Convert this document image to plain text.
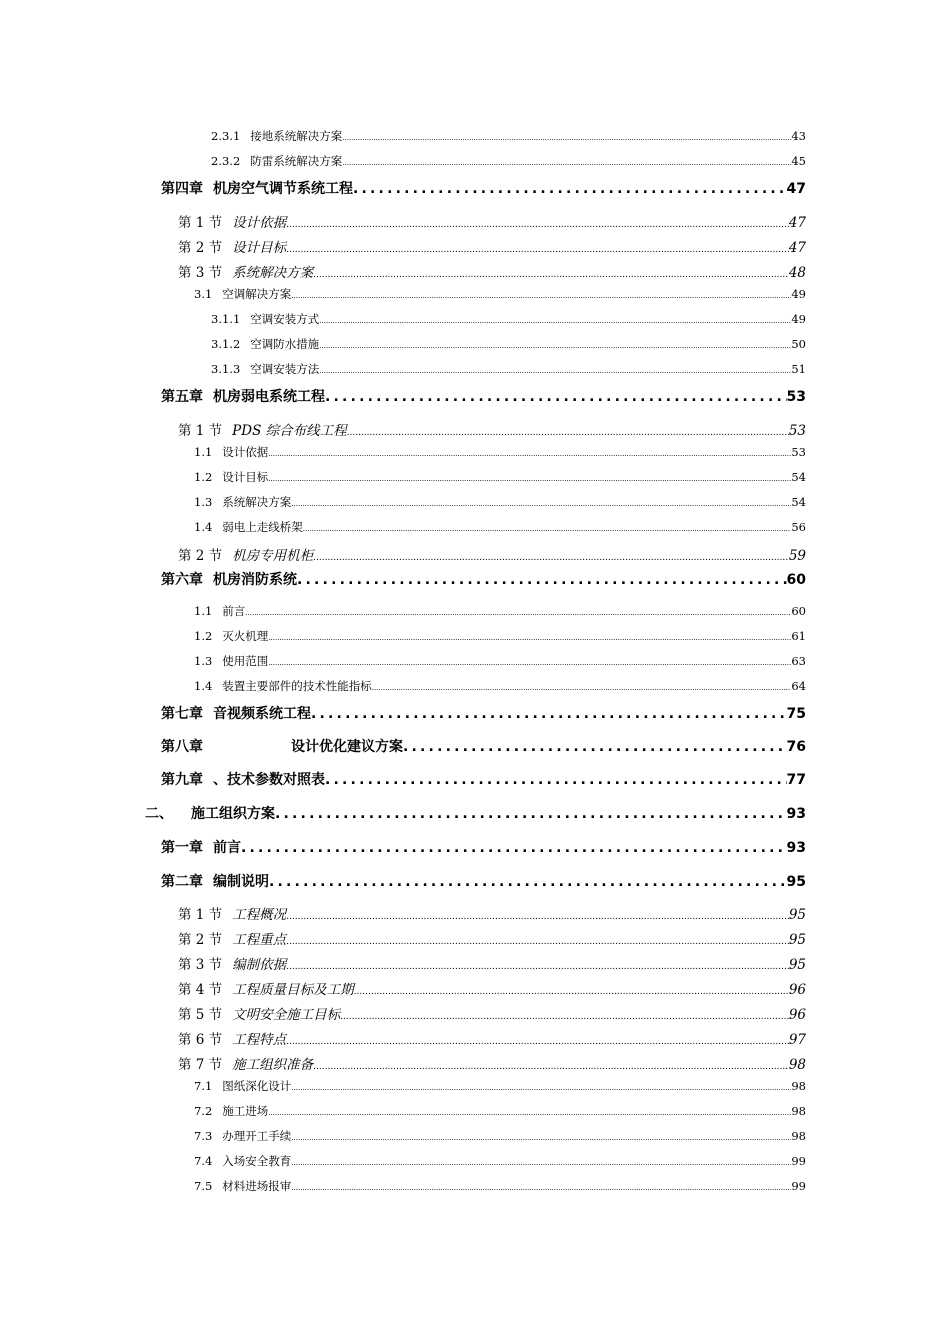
2.3.1 接地系统解决方案 .....	43
2.3.2 防雷系统解决方案 .....	45
第四章 机房空气调节系统工程 .....	47
第 1 节 设计依据 .....	47
第 2 节 设计目标 .....	47
第 3 节 系统解决方案 .....	48
3.1 空调解决方案 .....	49
3.1.1 空调安装方式 .....	49
3.1.2 空调防水措施 .....	50
3.1.3 空调安装方法 .....	51
第五章 机房弱电系统工程 .....	53
第 1 节 PDS 综合布线工程 .....	53
1.1 设计依据 .....	53
1.2 设计目标 .....	54
1.3 系统解决方案 .....	54
1.4 弱电上走线桥架 .....	56
第 2 节 机房专用机柜 .....	59
第六章 机房消防系统 .....	60
1.1 前言 .....	60
1.2 灭火机理 .....	61
1.3 使用范围 .....	63
1.4 装置主要部件的技术性能指标 .....	64
第七章 音视频系统工程 .....	75
第八章	设计优化建议方案 .....	76
第九章 、技术参数对照表 .....	77
二、 施工组织方案 .....	93
第一章 前言 .....	93
第二章 编制说明 .....	95
第 1 节 工程概况 .....	95
第 2 节 工程重点 .....	95
第 3 节 编制依据 .....	95
第 4 节 工程质量目标及工期 .....	96
第 5 节 文明安全施工目标 .....	96
第 6 节 工程特点 .....	97
第 7 节 施工组织准备 .....	98
7.1 图纸深化设计 .....	98
7.2 施工进场 .....	98
7.3 办理开工手续 .....	98
7.4 入场安全教育 .....	99
7.5 材料进场报审 .....	99
